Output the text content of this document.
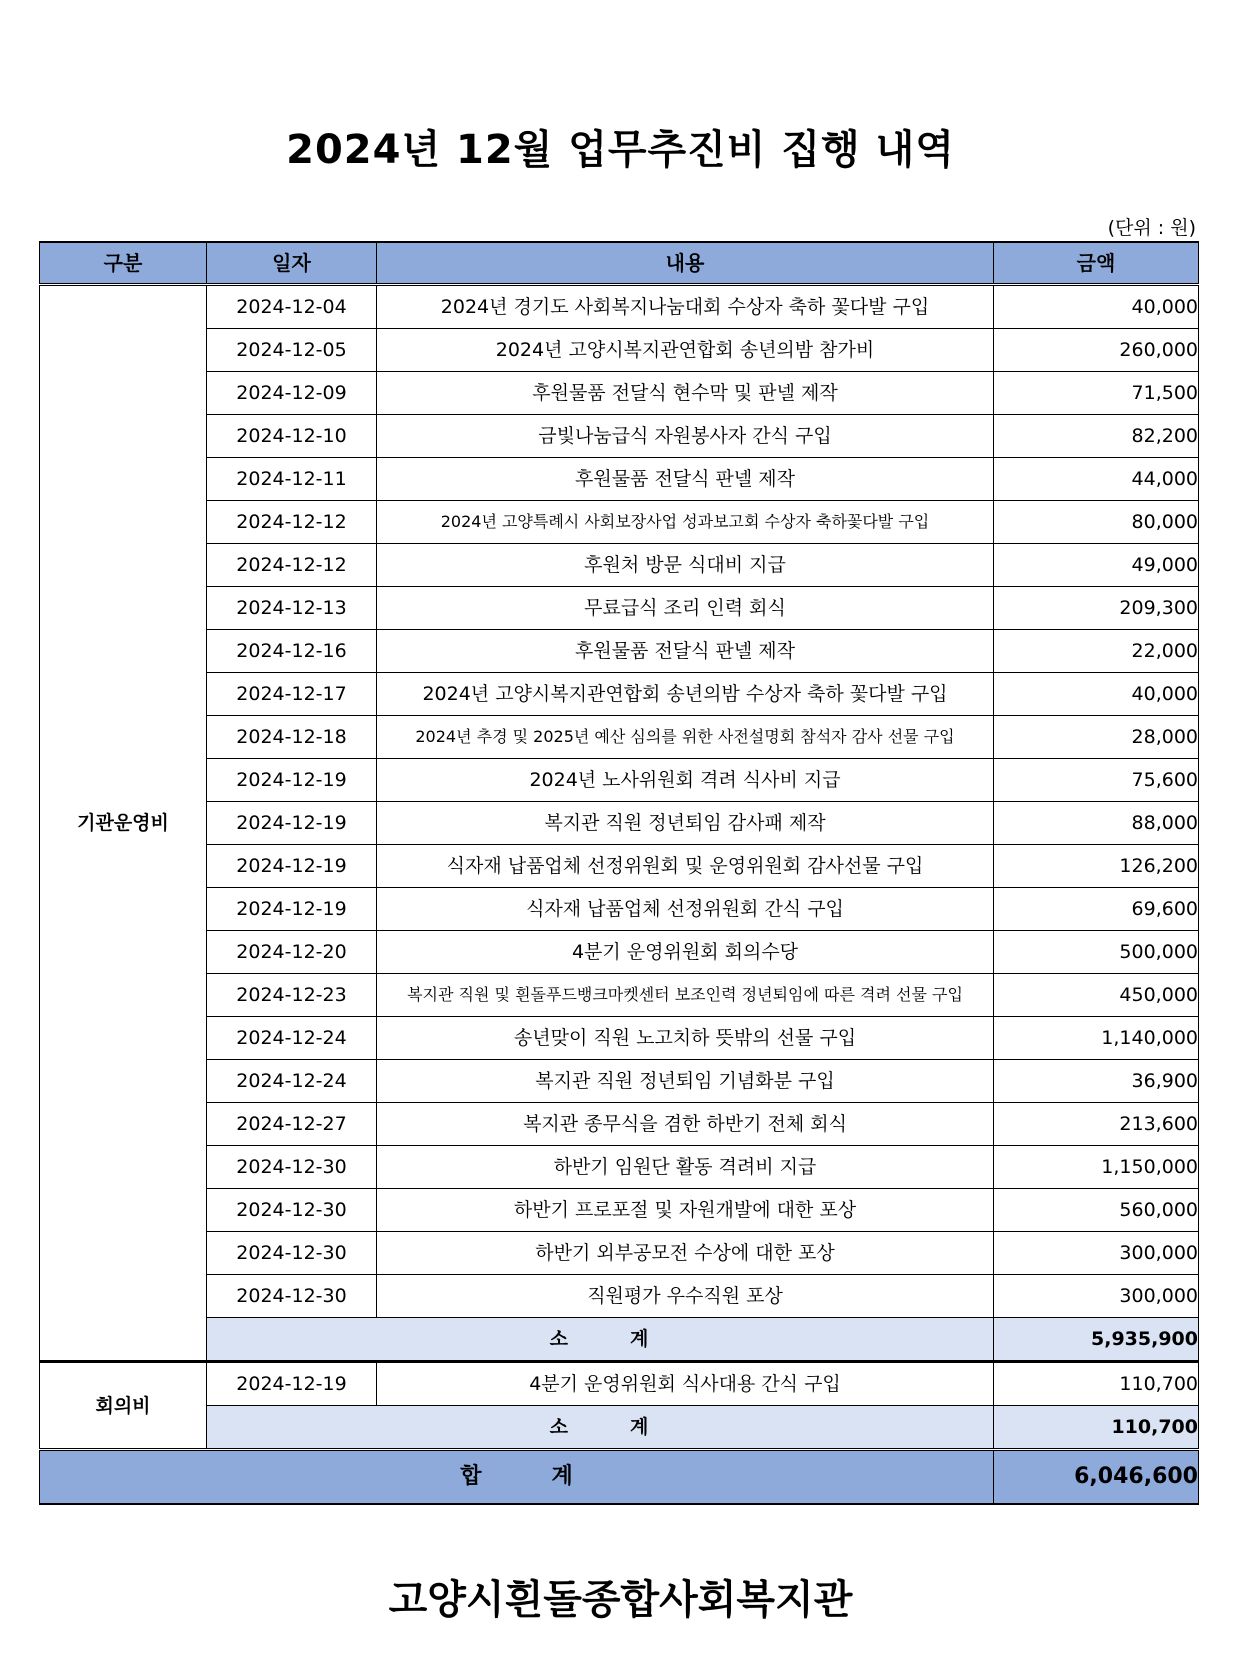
2024년 12월 업무추진비 집행 내역
(단위 : 원)
구분	일자	내용	금액
기관운영비	2024-12-04	2024년 경기도 사회복지나눔대회 수상자 축하 꽃다발 구입	40,000
	2024-12-05	2024년 고양시복지관연합회 송년의밤 참가비	260,000
	2024-12-09	후원물품 전달식 현수막 및 판넬 제작	71,500
	2024-12-10	금빛나눔급식 자원봉사자 간식 구입	82,200
	2024-12-11	후원물품 전달식 판넬 제작	44,000
	2024-12-12	2024년 고양특례시 사회보장사업 성과보고회 수상자 축하꽃다발 구입	80,000
	2024-12-12	후원처 방문 식대비 지급	49,000
	2024-12-13	무료급식 조리 인력 회식	209,300
	2024-12-16	후원물품 전달식 판넬 제작	22,000
	2024-12-17	2024년 고양시복지관연합회 송년의밤 수상자 축하 꽃다발 구입	40,000
	2024-12-18	2024년 추경 및 2025년 예산 심의를 위한 사전설명회 참석자 감사 선물 구입	28,000
	2024-12-19	2024년 노사위원회 격려 식사비 지급	75,600
	2024-12-19	복지관 직원 정년퇴임 감사패 제작	88,000
	2024-12-19	식자재 납품업체 선정위원회 및 운영위원회 감사선물 구입	126,200
	2024-12-19	식자재 납품업체 선정위원회 간식 구입	69,600
	2024-12-20	4분기 운영위원회 회의수당	500,000
	2024-12-23	복지관 직원 및 흰돌푸드뱅크마켓센터 보조인력 정년퇴임에 따른 격려 선물 구입	450,000
	2024-12-24	송년맞이 직원 노고치하 뜻밖의 선물 구입	1,140,000
	2024-12-24	복지관 직원 정년퇴임 기념화분 구입	36,900
	2024-12-27	복지관 종무식을 겸한 하반기 전체 회식	213,600
	2024-12-30	하반기 임원단 활동 격려비 지급	1,150,000
	2024-12-30	하반기 프로포절 및 자원개발에 대한 포상	560,000
	2024-12-30	하반기 외부공모전 수상에 대한 포상	300,000
	2024-12-30	직원평가 우수직원 포상	300,000
	소 계		5,935,900
회의비	2024-12-19	4분기 운영위원회 식사대용 간식 구입	110,700
	소 계		110,700
합 계			6,046,600
고양시흰돌종합사회복지관
